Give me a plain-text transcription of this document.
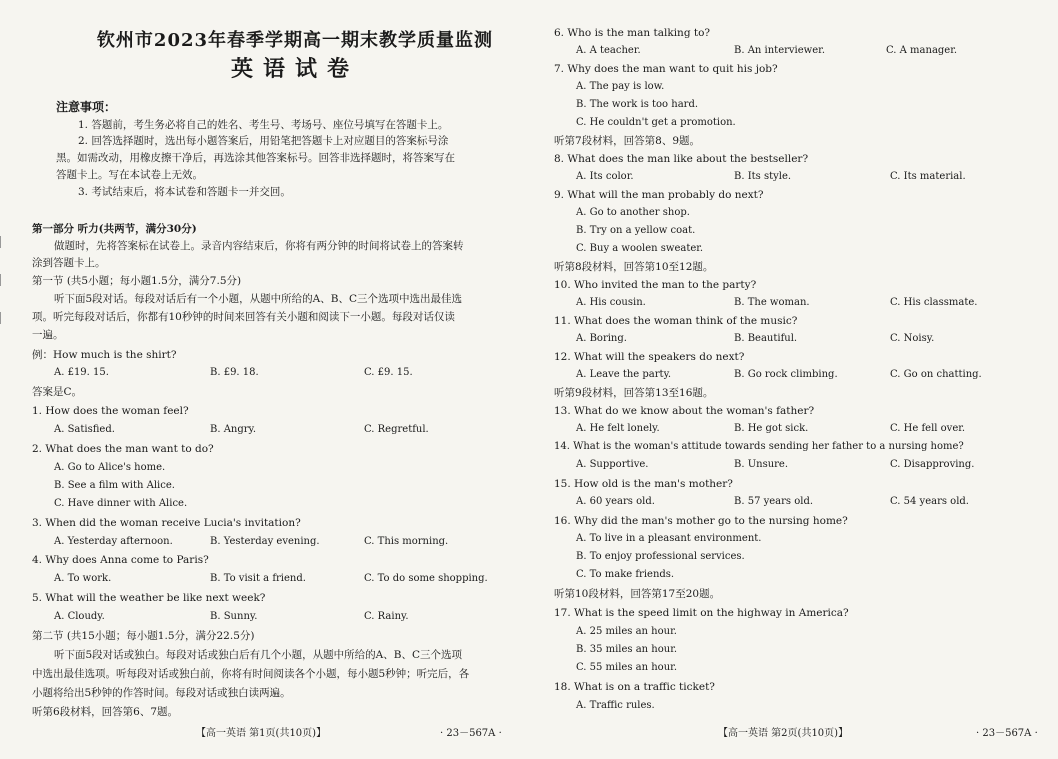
钦州市2023年春季学期高一期末教学质量监测
英语试卷
注意事项：
1. 答题前，考生务必将自己的姓名、考生号、考场号、座位号填写在答题卡上。
2. 回答选择题时，选出每小题答案后，用铅笔把答题卡上对应题目的答案标号涂
黑。如需改动，用橡皮擦干净后，再选涂其他答案标号。回答非选择题时，将答案写在
答题卡上。写在本试卷上无效。
3. 考试结束后，将本试卷和答题卡一并交回。
第一部分 听力(共两节，满分30分)
做题时，先将答案标在试卷上。录音内容结束后，你将有两分钟的时间将试卷上的答案转
涂到答题卡上。
第一节 (共5小题；每小题1.5分，满分7.5分)
听下面5段对话。每段对话后有一个小题，从题中所给的A、B、C三个选项中选出最佳选
项。听完每段对话后，你都有10秒钟的时间来回答有关小题和阅读下一小题。每段对话仅读
一遍。
例：How much is the shirt?
A. £19. 15.	B. £9. 18.	C. £9. 15.
答案是C。
1. How does the woman feel?
A. Satisfied.	B. Angry.	C. Regretful.
2. What does the man want to do?
A. Go to Alice's home.
B. See a film with Alice.
C. Have dinner with Alice.
3. When did the woman receive Lucia's invitation?
A. Yesterday afternoon.	B. Yesterday evening.	C. This morning.
4. Why does Anna come to Paris?
A. To work.	B. To visit a friend.	C. To do some shopping.
5. What will the weather be like next week?
A. Cloudy.	B. Sunny.	C. Rainy.
第二节 (共15小题；每小题1.5分，满分22.5分)
听下面5段对话或独白。每段对话或独白后有几个小题，从题中所给的A、B、C三个选项
中选出最佳选项。听每段对话或独白前，你将有时间阅读各个小题，每小题5秒钟；听完后，各
小题将给出5秒钟的作答时间。每段对话或独白读两遍。
听第6段材料，回答第6、7题。
【高一英语 第1页(共10页)】	· 23－567A ·
6. Who is the man talking to?
A. A teacher.	B. An interviewer.	C. A manager.
7. Why does the man want to quit his job?
A. The pay is low.
B. The work is too hard.
C. He couldn't get a promotion.
听第7段材料，回答第8、9题。
8. What does the man like about the bestseller?
A. Its color.	B. Its style.	C. Its material.
9. What will the man probably do next?
A. Go to another shop.
B. Try on a yellow coat.
C. Buy a woolen sweater.
听第8段材料，回答第10至12题。
10. Who invited the man to the party?
A. His cousin.	B. The woman.	C. His classmate.
11. What does the woman think of the music?
A. Boring.	B. Beautiful.	C. Noisy.
12. What will the speakers do next?
A. Leave the party.	B. Go rock climbing.	C. Go on chatting.
听第9段材料，回答第13至16题。
13. What do we know about the woman's father?
A. He felt lonely.	B. He got sick.	C. He fell over.
14. What is the woman's attitude towards sending her father to a nursing home?
A. Supportive.	B. Unsure.	C. Disapproving.
15. How old is the man's mother?
A. 60 years old.	B. 57 years old.	C. 54 years old.
16. Why did the man's mother go to the nursing home?
A. To live in a pleasant environment.
B. To enjoy professional services.
C. To make friends.
听第10段材料，回答第17至20题。
17. What is the speed limit on the highway in America?
A. 25 miles an hour.
B. 35 miles an hour.
C. 55 miles an hour.
18. What is on a traffic ticket?
A. Traffic rules.
【高一英语 第2页(共10页)】	· 23－567A ·
